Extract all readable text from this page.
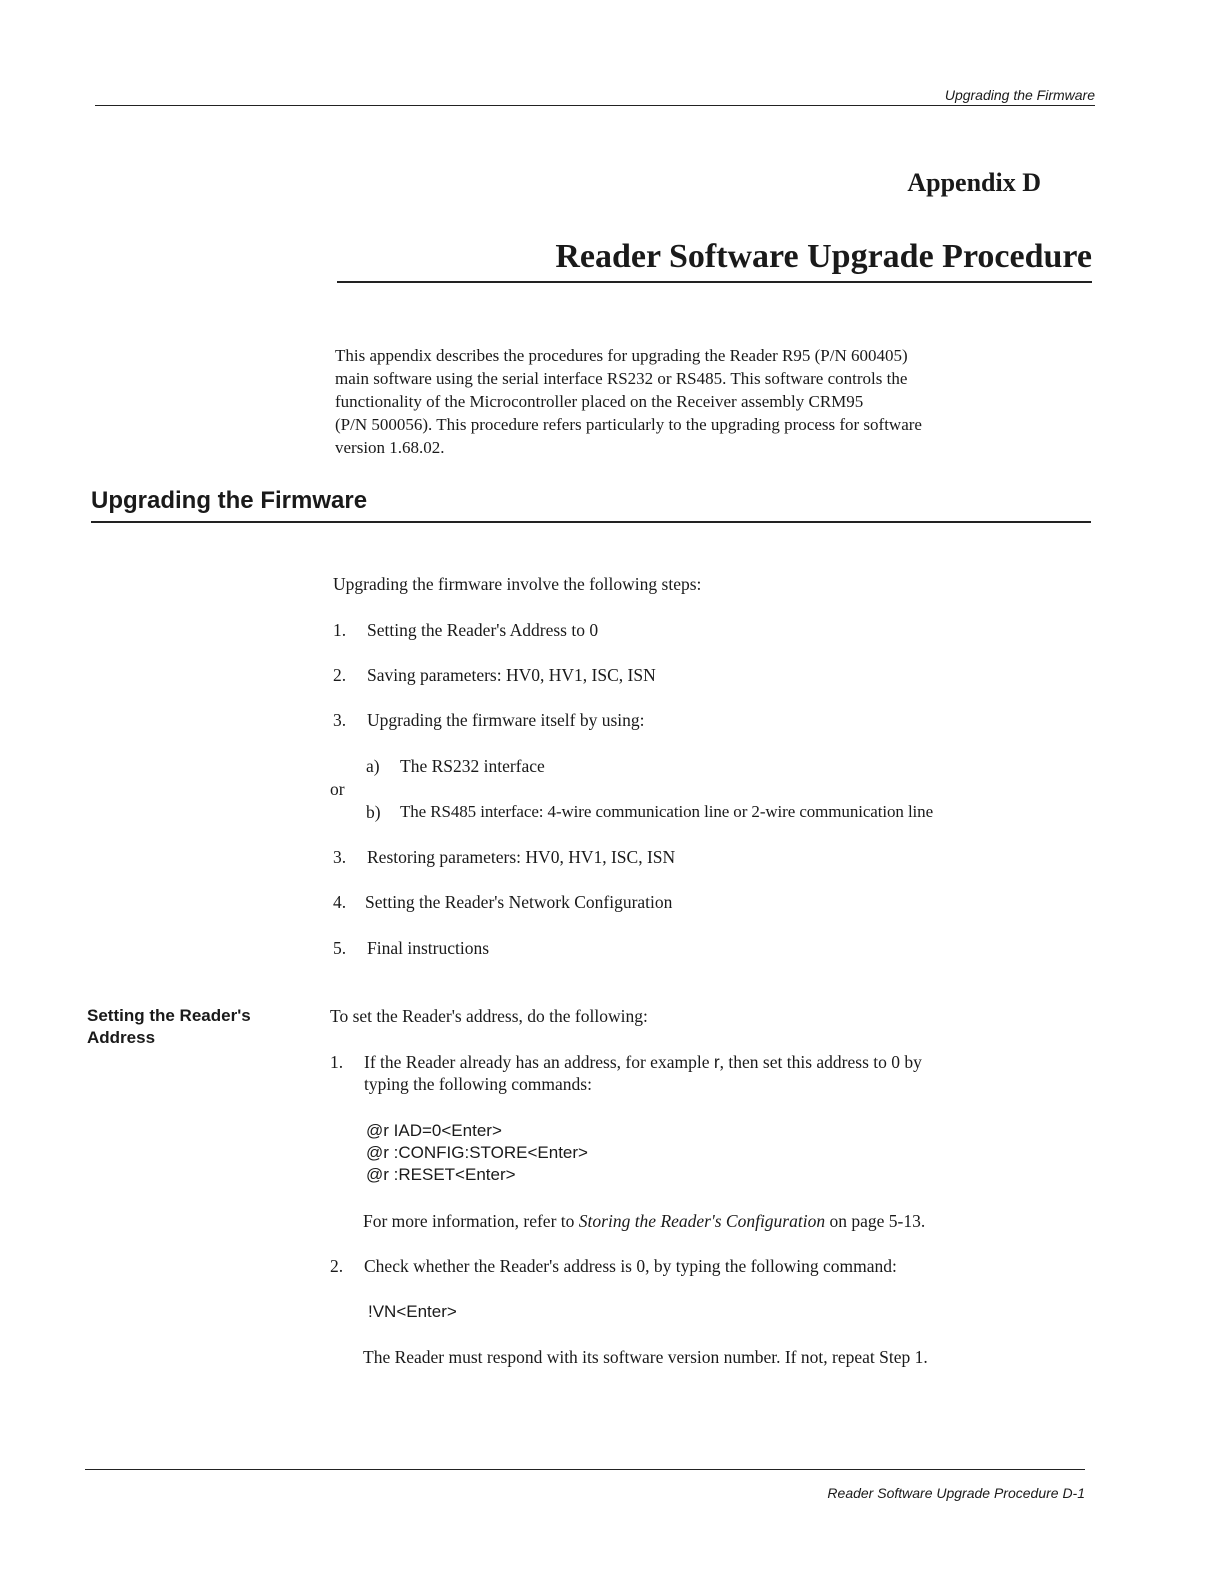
Upgrading the Firmware
Appendix D
Reader Software Upgrade Procedure

This appendix describes the procedures for upgrading the Reader R95 (P/N 600405)

main software using the serial interface RS232 or RS485. This software controls the

functionality of the Microcontroller placed on the Receiver assembly CRM95

(P/N 500056). This procedure refers particularly to the upgrading process for software

version 1.68.02.

Upgrading the Firmware
Upgrading the firmware involve the following steps:
1. Setting the Reader's Address to 0
2. Saving parameters: HV0, HV1, ISC, ISN
3. Upgrading the firmware itself by using:
a) The RS232 interface
or
b) The RS485 interface: 4-wire communication line or 2-wire communication line
3. Restoring parameters: HV0, HV1, ISC, ISN
4. Setting the Reader's Network Configuration
5. Final instructions
Setting the Reader's
Address
To set the Reader's address, do the following:
1. If the Reader already has an address, for example r, then set this address to 0 by
typing the following commands:
@r IAD=0<Enter>
@r :CONFIG:STORE<Enter>
@r :RESET<Enter>
For more information, refer to Storing the Reader's Configuration on page 5-13.
2. Check whether the Reader's address is 0, by typing the following command:
!VN<Enter>
The Reader must respond with its software version number. If not, repeat Step 1.
Reader Software Upgrade Procedure D-1
